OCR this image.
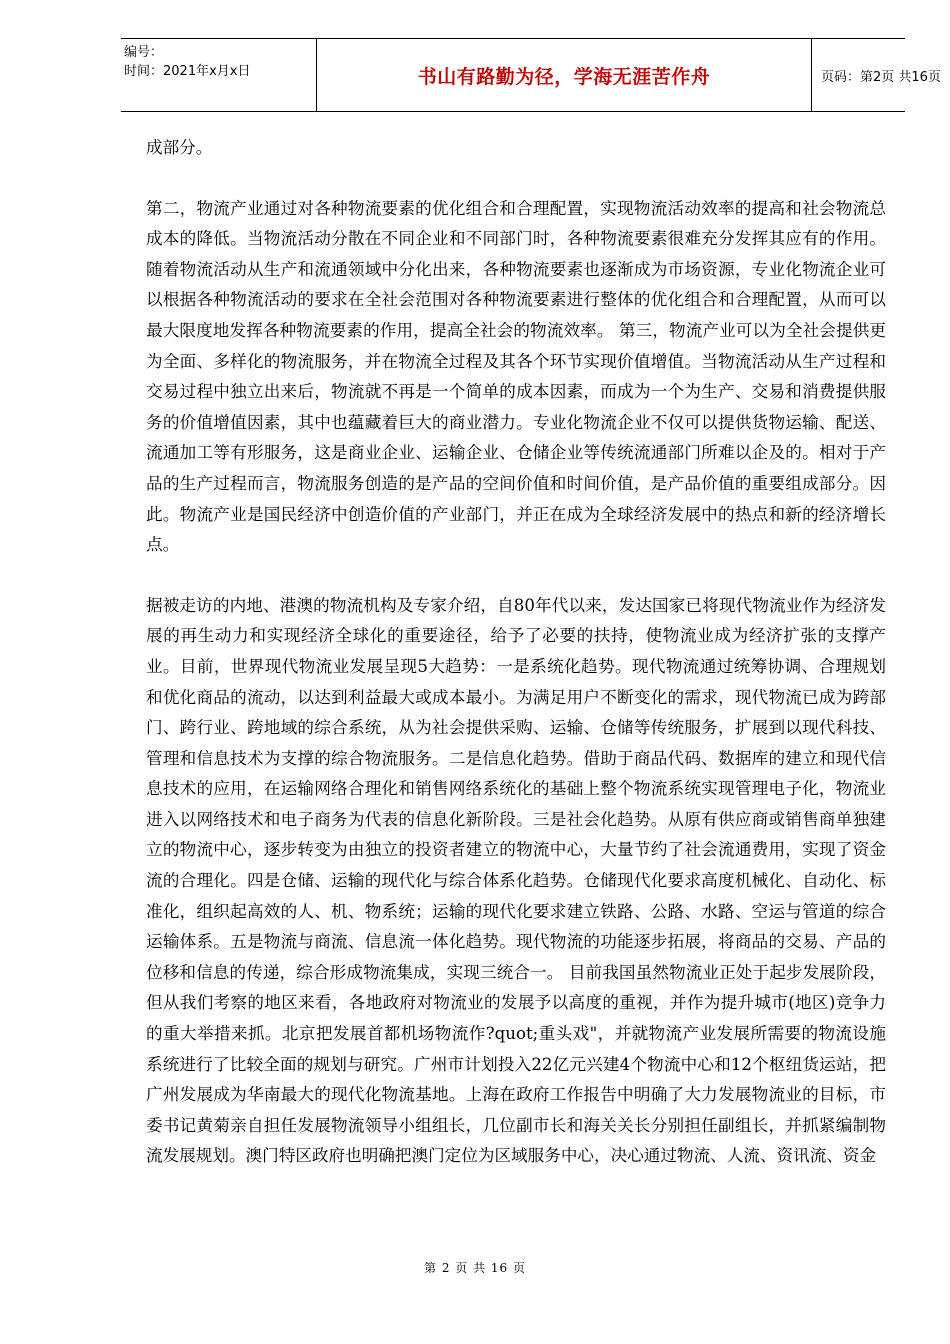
编号：
时间：2021年x月x日	书山有路勤为径，学海无涯苦作舟	页码：第2页 共16页

成部分。

第二，物流产业通过对各种物流要素的优化组合和合理配置，实现物流活动效率的提高和社会物流总成本的降低。当物流活动分散在不同企业和不同部门时，各种物流要素很难充分发挥其应有的作用。随着物流活动从生产和流通领域中分化出来，各种物流要素也逐渐成为市场资源，专业化物流企业可以根据各种物流活动的要求在全社会范围对各种物流要素进行整体的优化组合和合理配置，从而可以最大限度地发挥各种物流要素的作用，提高全社会的物流效率。 第三，物流产业可以为全社会提供更为全面、多样化的物流服务，并在物流全过程及其各个环节实现价值增值。当物流活动从生产过程和交易过程中独立出来后，物流就不再是一个简单的成本因素，而成为一个为生产、交易和消费提供服务的价值增值因素，其中也蕴藏着巨大的商业潜力。专业化物流企业不仅可以提供货物运输、配送、流通加工等有形服务，这是商业企业、运输企业、仓储企业等传统流通部门所难以企及的。相对于产品的生产过程而言，物流服务创造的是产品的空间价值和时间价值，是产品价值的重要组成部分。因此。物流产业是国民经济中创造价值的产业部门，并正在成为全球经济发展中的热点和新的经济增长点。

据被走访的内地、港澳的物流机构及专家介绍，自80年代以来，发达国家已将现代物流业作为经济发展的再生动力和实现经济全球化的重要途径，给予了必要的扶持，使物流业成为经济扩张的支撑产业。目前，世界现代物流业发展呈现5大趋势：一是系统化趋势。现代物流通过统筹协调、合理规划和优化商品的流动，以达到利益最大或成本最小。为满足用户不断变化的需求，现代物流已成为跨部门、跨行业、跨地域的综合系统，从为社会提供采购、运输、仓储等传统服务，扩展到以现代科技、管理和信息技术为支撑的综合物流服务。二是信息化趋势。借助于商品代码、数据库的建立和现代信息技术的应用，在运输网络合理化和销售网络系统化的基础上整个物流系统实现管理电子化，物流业进入以网络技术和电子商务为代表的信息化新阶段。三是社会化趋势。从原有供应商或销售商单独建立的物流中心，逐步转变为由独立的投资者建立的物流中心，大量节约了社会流通费用，实现了资金流的合理化。四是仓储、运输的现代化与综合体系化趋势。仓储现代化要求高度机械化、自动化、标准化，组织起高效的人、机、物系统；运输的现代化要求建立铁路、公路、水路、空运与管道的综合运输体系。五是物流与商流、信息流一体化趋势。现代物流的功能逐步拓展，将商品的交易、产品的位移和信息的传递，综合形成物流集成，实现三统合一。 目前我国虽然物流业正处于起步发展阶段，但从我们考察的地区来看，各地政府对物流业的发展予以高度的重视，并作为提升城市(地区)竞争力的重大举措来抓。北京把发展首都机场物流作?quot;重头戏"，并就物流产业发展所需要的物流设施系统进行了比较全面的规划与研究。广州市计划投入22亿元兴建4个物流中心和12个枢纽货运站，把广州发展成为华南最大的现代化物流基地。上海在政府工作报告中明确了大力发展物流业的目标，市委书记黄菊亲自担任发展物流领导小组组长，几位副市长和海关关长分别担任副组长，并抓紧编制物流发展规划。澳门特区政府也明确把澳门定位为区域服务中心，决心通过物流、人流、资讯流、资金

第 2 页 共 16 页
